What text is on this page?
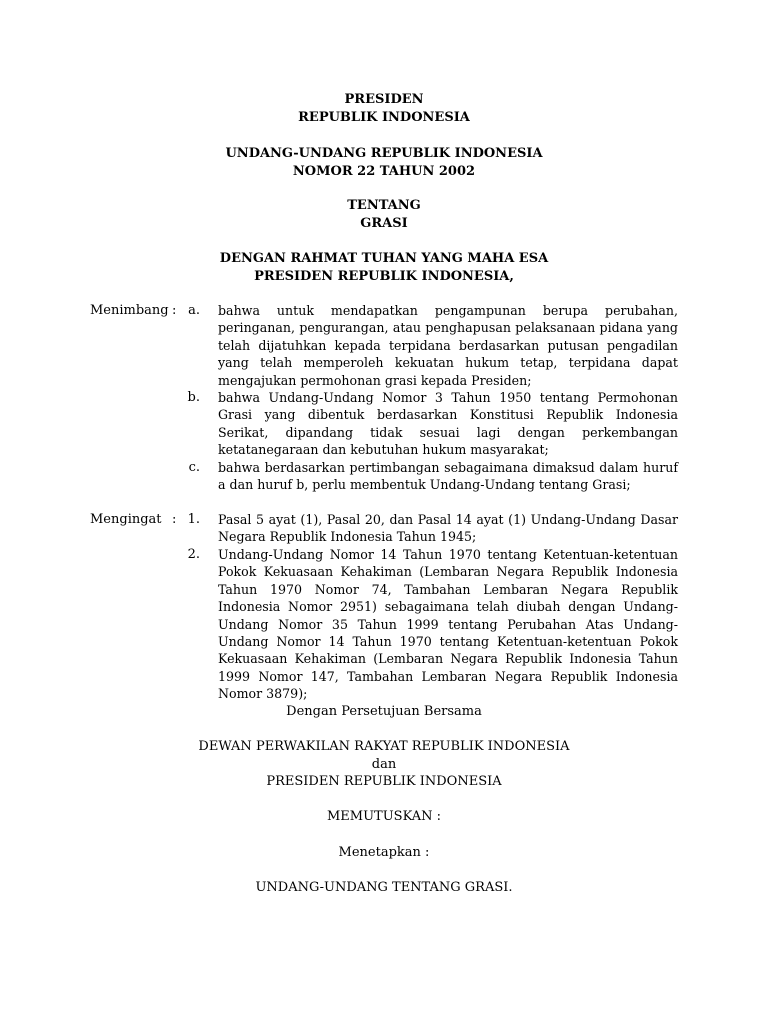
PRESIDEN
REPUBLIK INDONESIA
UNDANG-UNDANG REPUBLIK INDONESIA
NOMOR 22 TAHUN 2002
TENTANG
GRASI
DENGAN RAHMAT TUHAN YANG MAHA ESA
PRESIDEN REPUBLIK INDONESIA,
Menimbang : a. bahwa untuk mendapatkan pengampunan berupa perubahan, peringanan, pengurangan, atau penghapusan pelaksanaan pidana yang telah dijatuhkan kepada terpidana berdasarkan putusan pengadilan yang telah memperoleh kekuatan hukum tetap, terpidana dapat mengajukan permohonan grasi kepada Presiden;
b. bahwa Undang-Undang Nomor 3 Tahun 1950 tentang Permohonan Grasi yang dibentuk berdasarkan Konstitusi Republik Indonesia Serikat, dipandang tidak sesuai lagi dengan perkembangan ketatanegaraan dan kebutuhan hukum masyarakat;
c. bahwa berdasarkan pertimbangan sebagaimana dimaksud dalam huruf a dan huruf b, perlu membentuk Undang-Undang tentang Grasi;
Mengingat : 1. Pasal 5 ayat (1), Pasal 20, dan Pasal 14 ayat (1) Undang-Undang Dasar Negara Republik Indonesia Tahun 1945;
2. Undang-Undang Nomor 14 Tahun 1970 tentang Ketentuan-ketentuan Pokok Kekuasaan Kehakiman (Lembaran Negara Republik Indonesia Tahun 1970 Nomor 74, Tambahan Lembaran Negara Republik Indonesia Nomor 2951) sebagaimana telah diubah dengan Undang-Undang Nomor 35 Tahun 1999 tentang Perubahan Atas Undang-Undang Nomor 14 Tahun 1970 tentang Ketentuan-ketentuan Pokok Kekuasaan Kehakiman (Lembaran Negara Republik Indonesia Tahun 1999 Nomor 147, Tambahan Lembaran Negara Republik Indonesia Nomor 3879);
Dengan Persetujuan Bersama
DEWAN PERWAKILAN RAKYAT REPUBLIK INDONESIA
dan
PRESIDEN REPUBLIK INDONESIA
MEMUTUSKAN :
Menetapkan :
UNDANG-UNDANG TENTANG GRASI.
